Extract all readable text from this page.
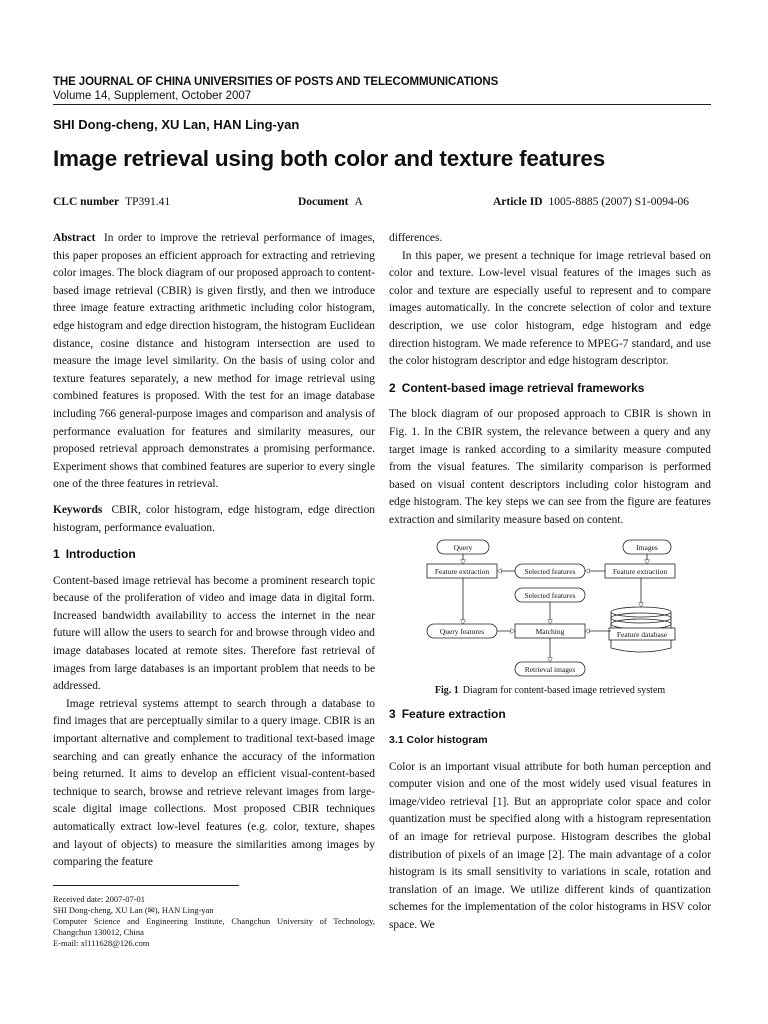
THE JOURNAL OF CHINA UNIVERSITIES OF POSTS AND TELECOMMUNICATIONS
Volume 14, Supplement, October 2007
SHI Dong-cheng, XU Lan, HAN Ling-yan
Image retrieval using both color and texture features
CLC number TP391.41	Document A	Article ID 1005-8885 (2007) S1-0094-06

Abstract In order to improve the retrieval performance of images, this paper proposes an efficient approach for extracting and retrieving color images. The block diagram of our proposed approach to content-based image retrieval (CBIR) is given firstly, and then we introduce three image feature extracting arithmetic including color histogram, edge histogram and edge direction histogram, the histogram Euclidean distance, cosine distance and histogram intersection are used to measure the image level similarity. On the basis of using color and texture features separately, a new method for image retrieval using combined features is proposed. With the test for an image database including 766 general-purpose images and comparison and analysis of performance evaluation for features and similarity measures, our proposed retrieval approach demonstrates a promising performance. Experiment shows that combined features are superior to every single one of the three features in retrieval.

Keywords CBIR, color histogram, edge histogram, edge direction histogram, performance evaluation.

1 Introduction

Content-based image retrieval has become a prominent research topic because of the proliferation of video and image data in digital form. Increased bandwidth availability to access the internet in the near future will allow the users to search for and browse through video and image databases located at remote sites. Therefore fast retrieval of images from large databases is an important problem that needs to be addressed.

Image retrieval systems attempt to search through a database to find images that are perceptually similar to a query image. CBIR is an important alternative and complement to traditional text-based image searching and can greatly enhance the accuracy of the information being returned. It aims to develop an efficient visual-content-based technique to search, browse and retrieve relevant images from large-scale digital image collections. Most proposed CBIR techniques automatically extract low-level features (e.g. color, texture, shapes and layout of objects) to measure the similarities among images by comparing the feature

differences.

In this paper, we present a technique for image retrieval based on color and texture. Low-level visual features of the images such as color and texture are especially useful to represent and to compare images automatically. In the concrete selection of color and texture description, we use color histogram, edge histogram and edge direction histogram. We made reference to MPEG-7 standard, and use the color histogram descriptor and edge histogram descriptor.

2 Content-based image retrieval frameworks

The block diagram of our proposed approach to CBIR is shown in Fig. 1. In the CBIR system, the relevance between a query and any target image is ranked according to a similarity measure computed from the visual features. The similarity comparison is performed based on visual content descriptors including color histogram and edge histogram. The key steps we can see from the figure are features extraction and similarity measure based on content.

Query	Images
Feature extraction	Selected features	Feature extraction
Selected features
Query features	Matching	Feature database
Retrieval images
Fig. 1 Diagram for content-based image retrieved system
3 Feature extraction
3.1 Color histogram

Color is an important visual attribute for both human perception and computer vision and one of the most widely used visual features in image/video retrieval [1]. But an appropriate color space and color quantization must be specified along with a histogram representation of an image for retrieval purpose. Histogram describes the global distribution of pixels of an image [2]. The main advantage of a color histogram is its small sensitivity to variations in scale, rotation and translation of an image. We utilize different kinds of quantization schemes for the implementation of the color histograms in HSV color space. We

Received date: 2007-07-01
SHI Dong-cheng, XU Lan (✉), HAN Ling-yan
Computer Science and Engineering Institute, Changchun University of Technology, Changchun 130012, China
E-mail: xl111628@126.com
